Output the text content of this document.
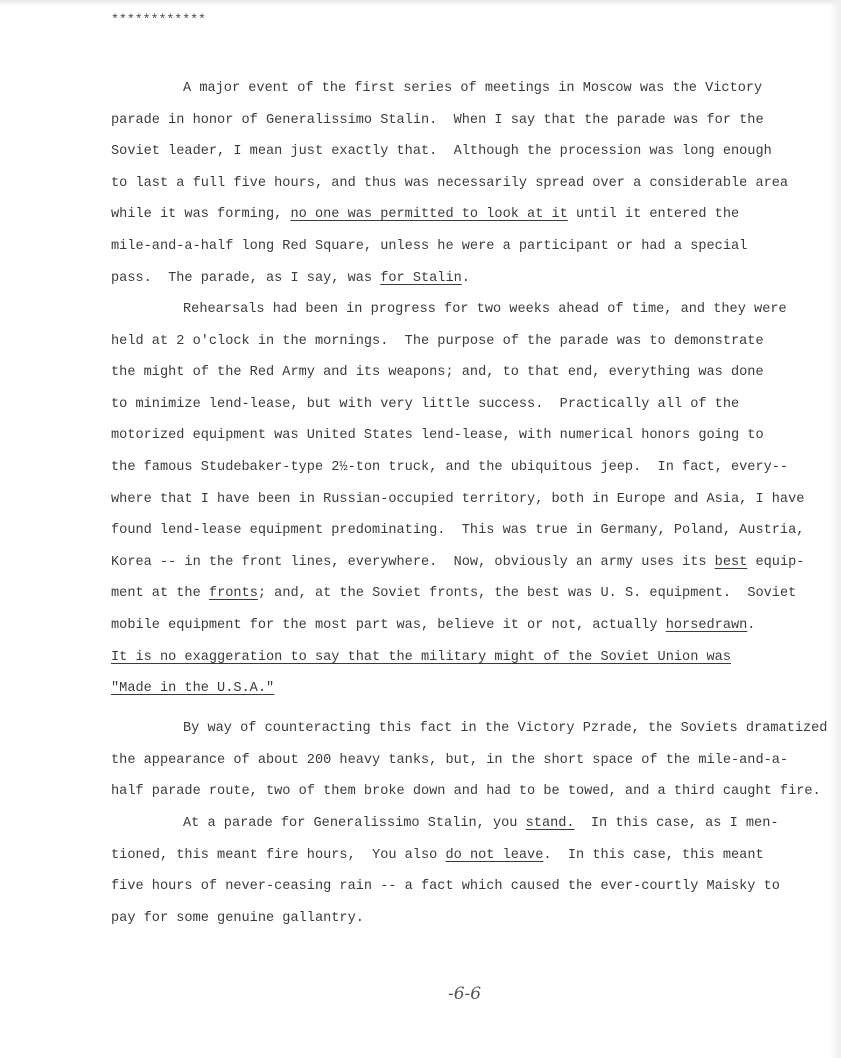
************
A major event of the first series of meetings in Moscow was the Victory
parade in honor of Generalissimo Stalin.  When I say that the parade was for the
Soviet leader, I mean just exactly that.  Although the procession was long enough
to last a full five hours, and thus was necessarily spread over a considerable area
while it was forming, no one was permitted to look at it until it entered the
mile-and-a-half long Red Square, unless he were a participant or had a special
pass.  The parade, as I say, was for Stalin.
Rehearsals had been in progress for two weeks ahead of time, and they were
held at 2 o'clock in the mornings.  The purpose of the parade was to demonstrate
the might of the Red Army and its weapons; and, to that end, everything was done
to minimize lend-lease, but with very little success.  Practically all of the
motorized equipment was United States lend-lease, with numerical honors going to
the famous Studebaker-type 2½-ton truck, and the ubiquitous jeep.  In fact, every--
where that I have been in Russian-occupied territory, both in Europe and Asia, I have
found lend-lease equipment predominating.  This was true in Germany, Poland, Austria,
Korea -- in the front lines, everywhere.  Now, obviously an army uses its best equip-
ment at the fronts; and, at the Soviet fronts, the best was U. S. equipment.  Soviet
mobile equipment for the most part was, believe it or not, actually horsedrawn.
It is no exaggeration to say that the military might of the Soviet Union was
"Made in the U.S.A."
By way of counteracting this fact in the Victory Pzrade, the Soviets dramatized
the appearance of about 200 heavy tanks, but, in the short space of the mile-and-a-
half parade route, two of them broke down and had to be towed, and a third caught fire.
At a parade for Generalissimo Stalin, you stand.  In this case, as I men-
tioned, this meant fire hours,  You also do not leave.  In this case, this meant
five hours of never-ceasing rain -- a fact which caused the ever-courtly Maisky to
pay for some genuine gallantry.
-6-6
